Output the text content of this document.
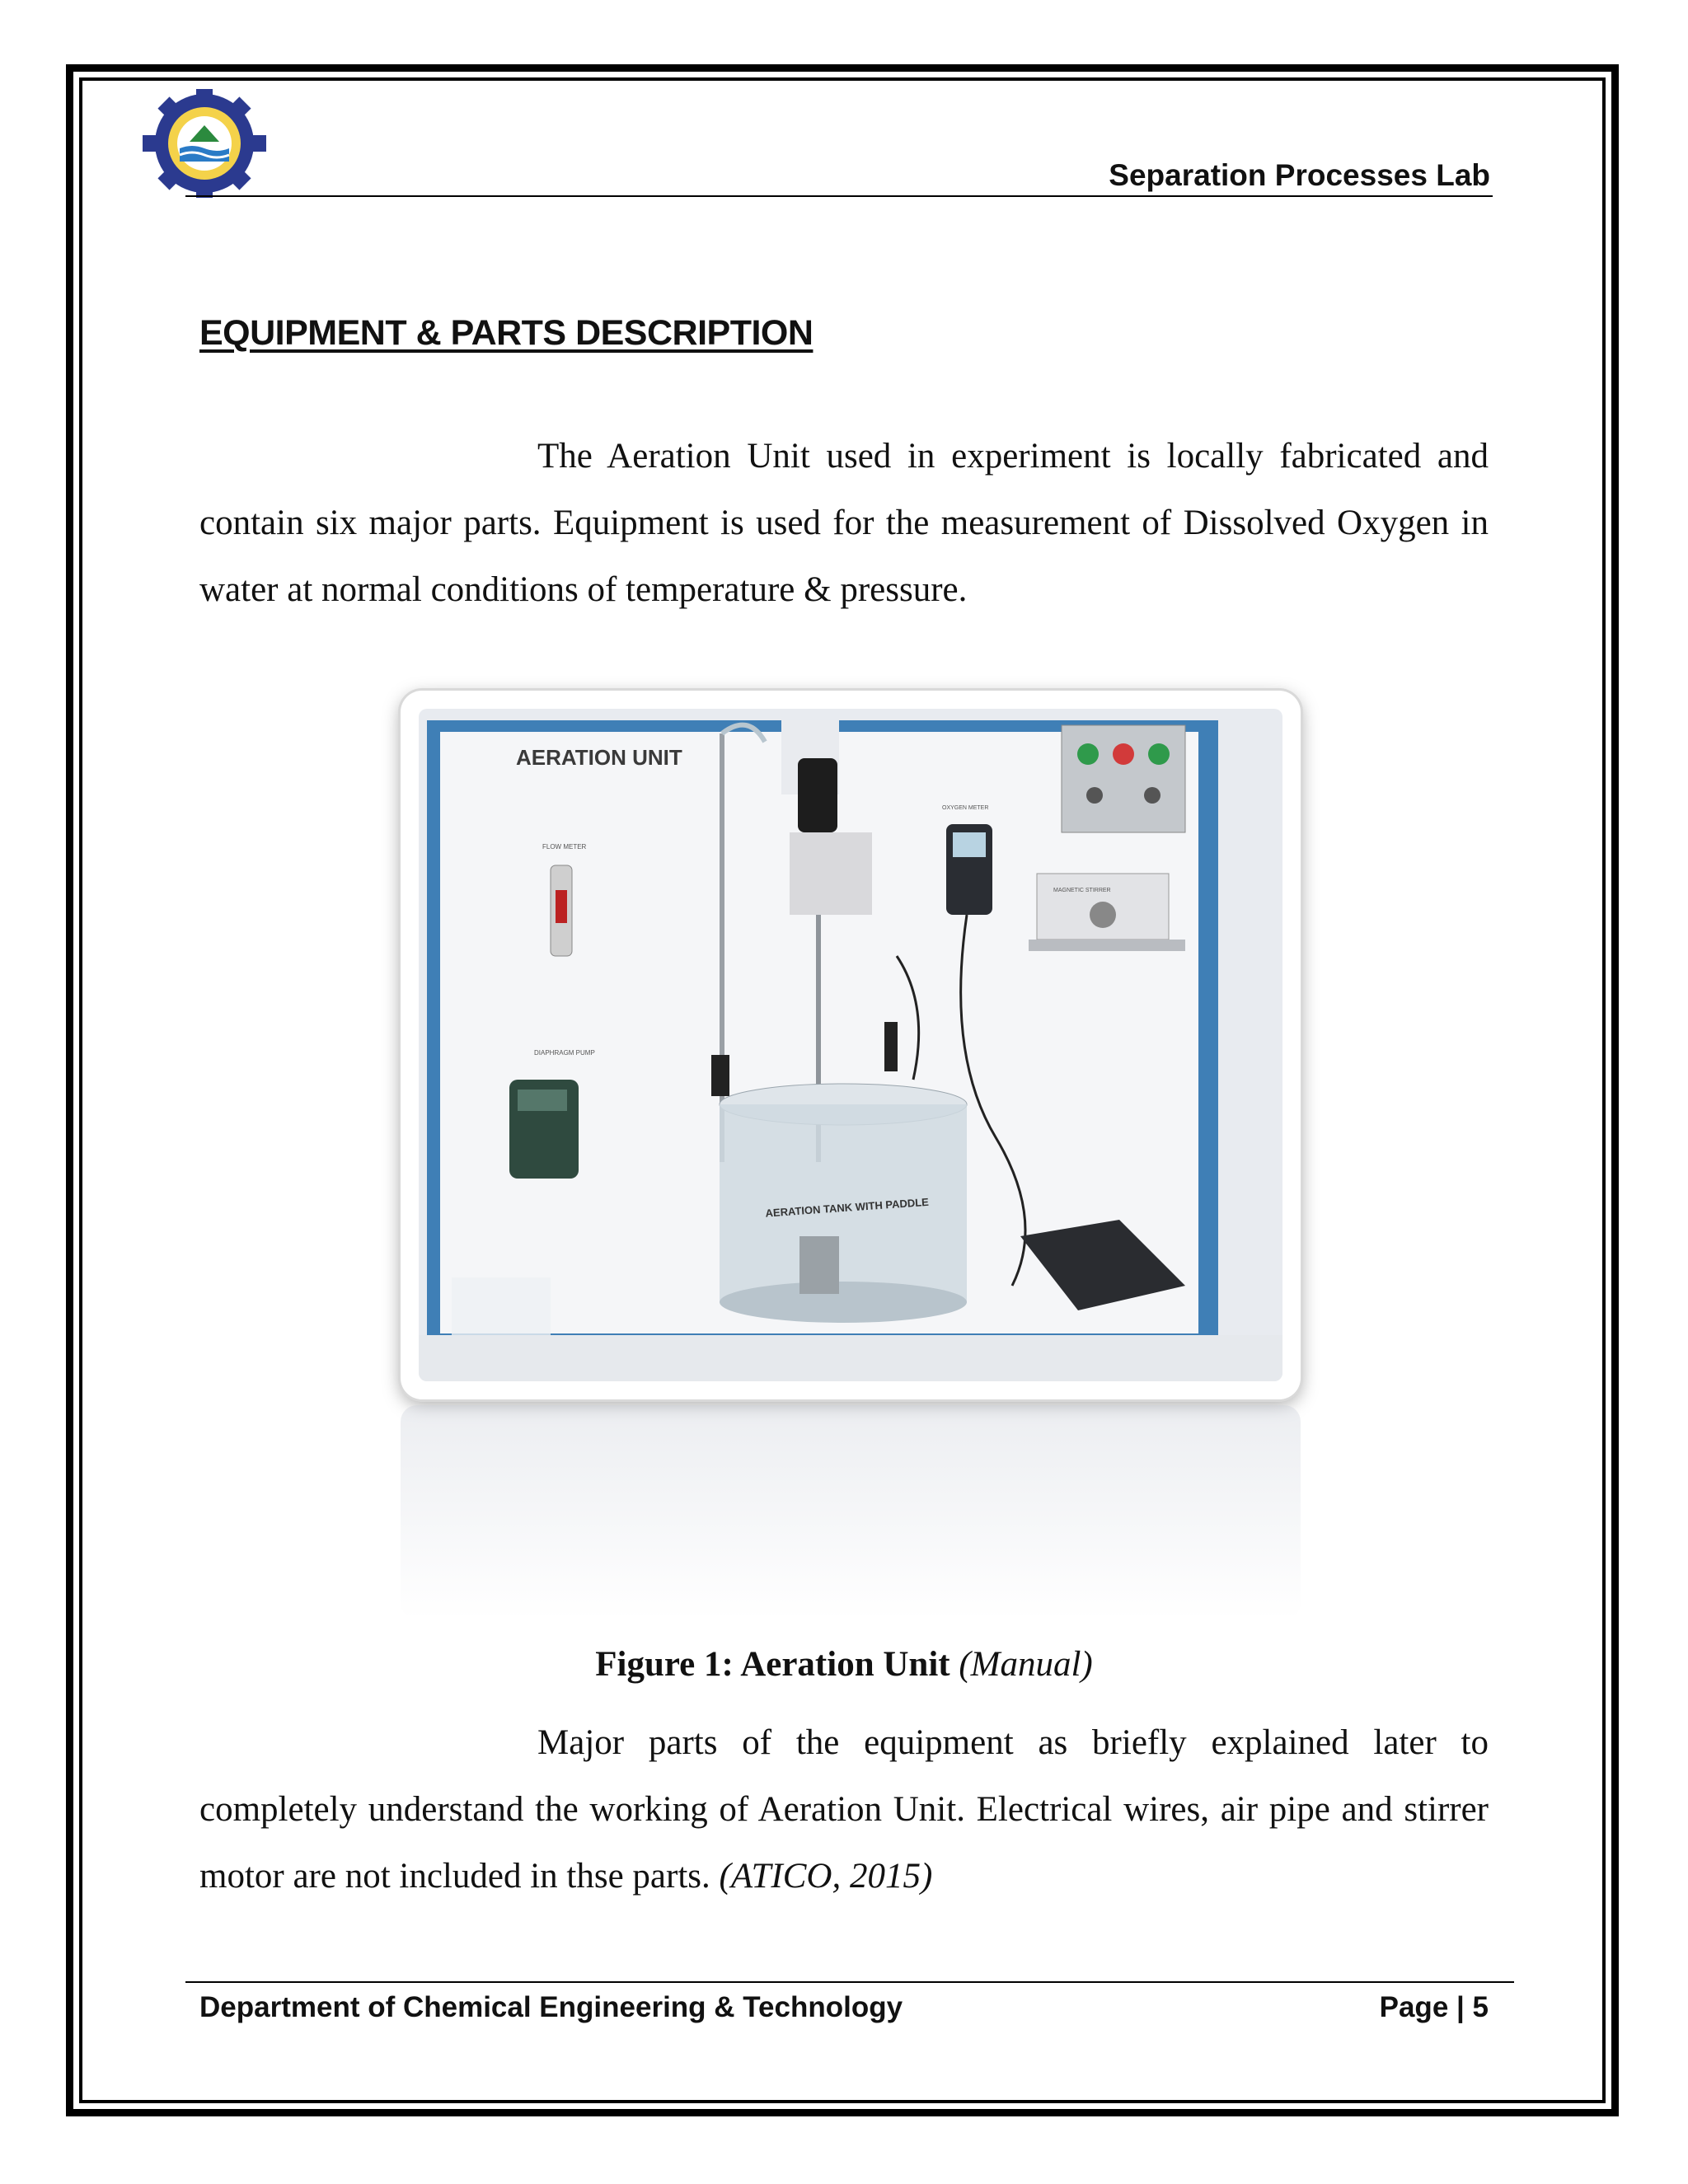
Separation Processes Lab
EQUIPMENT & PARTS DESCRIPTION
The Aeration Unit used in experiment is locally fabricated and contain six major parts. Equipment is used for the measurement of Dissolved Oxygen in water at normal conditions of temperature & pressure.
AERATION UNIT
FLOW METER
DIAPHRAGM PUMP
AERATION TANK WITH PADDLE
OXYGEN METER
MAGNETIC STIRRER
Figure 1: Aeration Unit (Manual)
Major parts of the equipment as briefly explained later to completely understand the working of Aeration Unit. Electrical wires, air pipe and stirrer motor are not included in thse parts. (ATICO, 2015)
Department of Chemical Engineering & Technology	Page | 5
